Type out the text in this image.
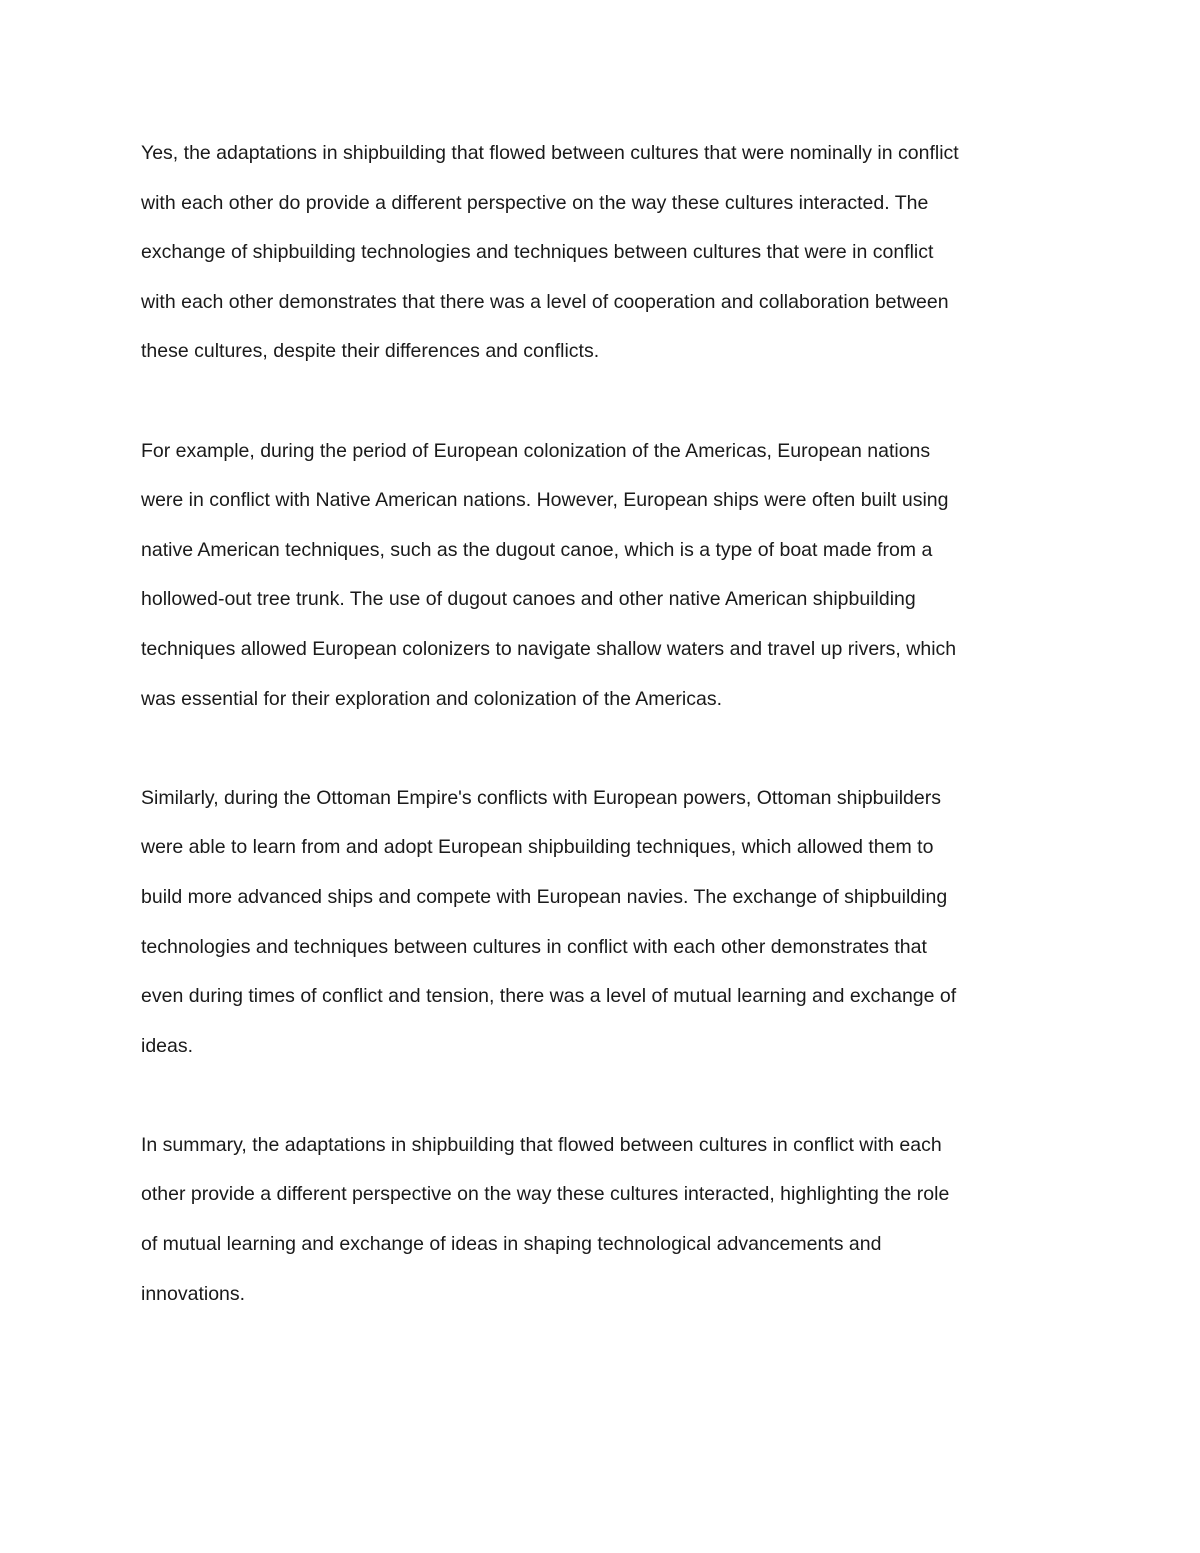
Yes, the adaptations in shipbuilding that flowed between cultures that were nominally in conflict
with each other do provide a different perspective on the way these cultures interacted. The
exchange of shipbuilding technologies and techniques between cultures that were in conflict
with each other demonstrates that there was a level of cooperation and collaboration between
these cultures, despite their differences and conflicts.

For example, during the period of European colonization of the Americas, European nations
were in conflict with Native American nations. However, European ships were often built using
native American techniques, such as the dugout canoe, which is a type of boat made from a
hollowed-out tree trunk. The use of dugout canoes and other native American shipbuilding
techniques allowed European colonizers to navigate shallow waters and travel up rivers, which
was essential for their exploration and colonization of the Americas.

Similarly, during the Ottoman Empire's conflicts with European powers, Ottoman shipbuilders
were able to learn from and adopt European shipbuilding techniques, which allowed them to
build more advanced ships and compete with European navies. The exchange of shipbuilding
technologies and techniques between cultures in conflict with each other demonstrates that
even during times of conflict and tension, there was a level of mutual learning and exchange of
ideas.

In summary, the adaptations in shipbuilding that flowed between cultures in conflict with each
other provide a different perspective on the way these cultures interacted, highlighting the role
of mutual learning and exchange of ideas in shaping technological advancements and
innovations.
